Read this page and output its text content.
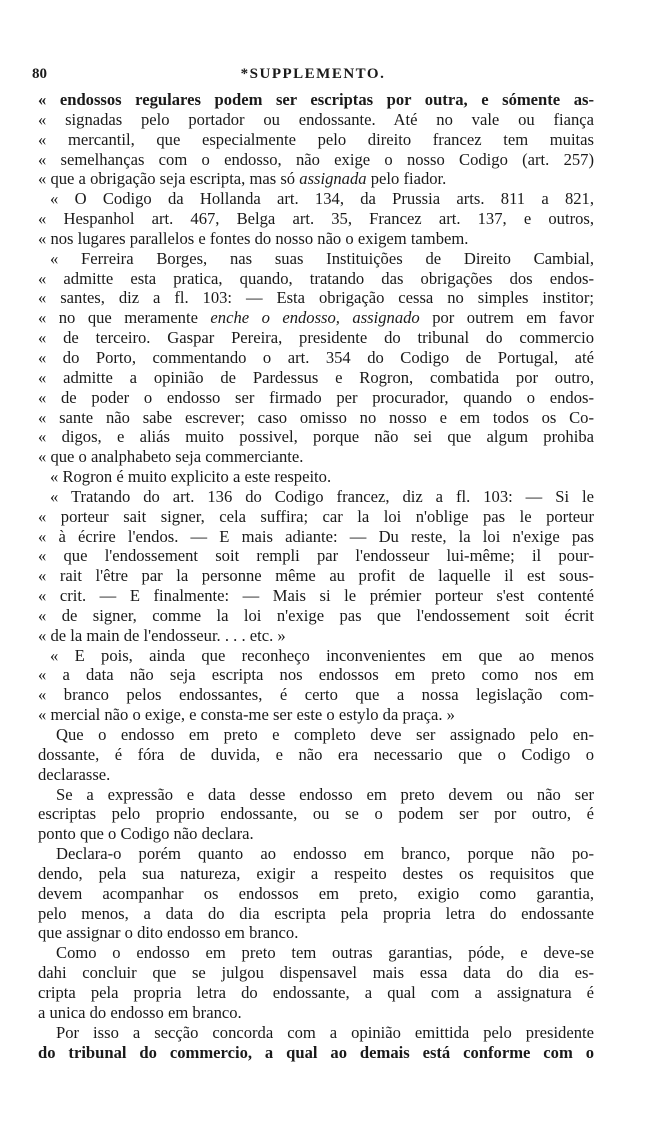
80	*SUPPLEMENTO.
« endossos regulares podem ser escriptas por outra, e sómente as-
« signadas pelo portador ou endossante. Até no vale ou fiança
« mercantil, que especialmente pelo direito francez tem muitas
« semelhanças com o endosso, não exige o nosso Codigo (art. 257)
« que a obrigação seja escripta, mas só assignada pelo fiador.
« O Codigo da Hollanda art. 134, da Prussia arts. 811 a 821,
« Hespanhol art. 467, Belga art. 35, Francez art. 137, e outros,
« nos lugares parallelos e fontes do nosso não o exigem tambem.
« Ferreira Borges, nas suas Instituições de Direito Cambial,
« admitte esta pratica, quando, tratando das obrigações dos endos-
« santes, diz a fl. 103: — Esta obrigação cessa no simples institor;
« no que meramente enche o endosso, assignado por outrem em favor
« de terceiro. Gaspar Pereira, presidente do tribunal do commercio
« do Porto, commentando o art. 354 do Codigo de Portugal, até
« admitte a opinião de Pardessus e Rogron, combatida por outro,
« de poder o endosso ser firmado per procurador, quando o endos-
« sante não sabe escrever; caso omisso no nosso e em todos os Co-
« digos, e aliás muito possivel, porque não sei que algum prohiba
« que o analphabeto seja commerciante.
« Rogron é muito explicito a este respeito.
« Tratando do art. 136 do Codigo francez, diz a fl. 103: — Si le
« porteur sait signer, cela suffira; car la loi n'oblige pas le porteur
« à écrire l'endos. — E mais adiante: — Du reste, la loi n'exige pas
« que l'endossement soit rempli par l'endosseur lui-même; il pour-
« rait l'être par la personne même au profit de laquelle il est sous-
« crit. — E finalmente: — Mais si le prémier porteur s'est contenté
« de signer, comme la loi n'exige pas que l'endossement soit écrit
« de la main de l'endosseur. . . . etc. »
« E pois, ainda que reconheço inconvenientes em que ao menos
« a data não seja escripta nos endossos em preto como nos em
« branco pelos endossantes, é certo que a nossa legislação com-
« mercial não o exige, e consta-me ser este o estylo da praça. »
Que o endosso em preto e completo deve ser assignado pelo en-
dossante, é fóra de duvida, e não era necessario que o Codigo o
declarasse.
Se a expressão e data desse endosso em preto devem ou não ser
escriptas pelo proprio endossante, ou se o podem ser por outro, é
ponto que o Codigo não declara.
Declara-o porém quanto ao endosso em branco, porque não po-
dendo, pela sua natureza, exigir a respeito destes os requisitos que
devem acompanhar os endossos em preto, exigio como garantia,
pelo menos, a data do dia escripta pela propria letra do endossante
que assignar o dito endosso em branco.
Como o endosso em preto tem outras garantias, póde, e deve-se
dahi concluir que se julgou dispensavel mais essa data do dia es-
cripta pela propria letra do endossante, a qual com a assignatura é
a unica do endosso em branco.
Por isso a secção concorda com a opinião emittida pelo presidente
do tribunal do commercio, a qual ao demais está conforme com o
